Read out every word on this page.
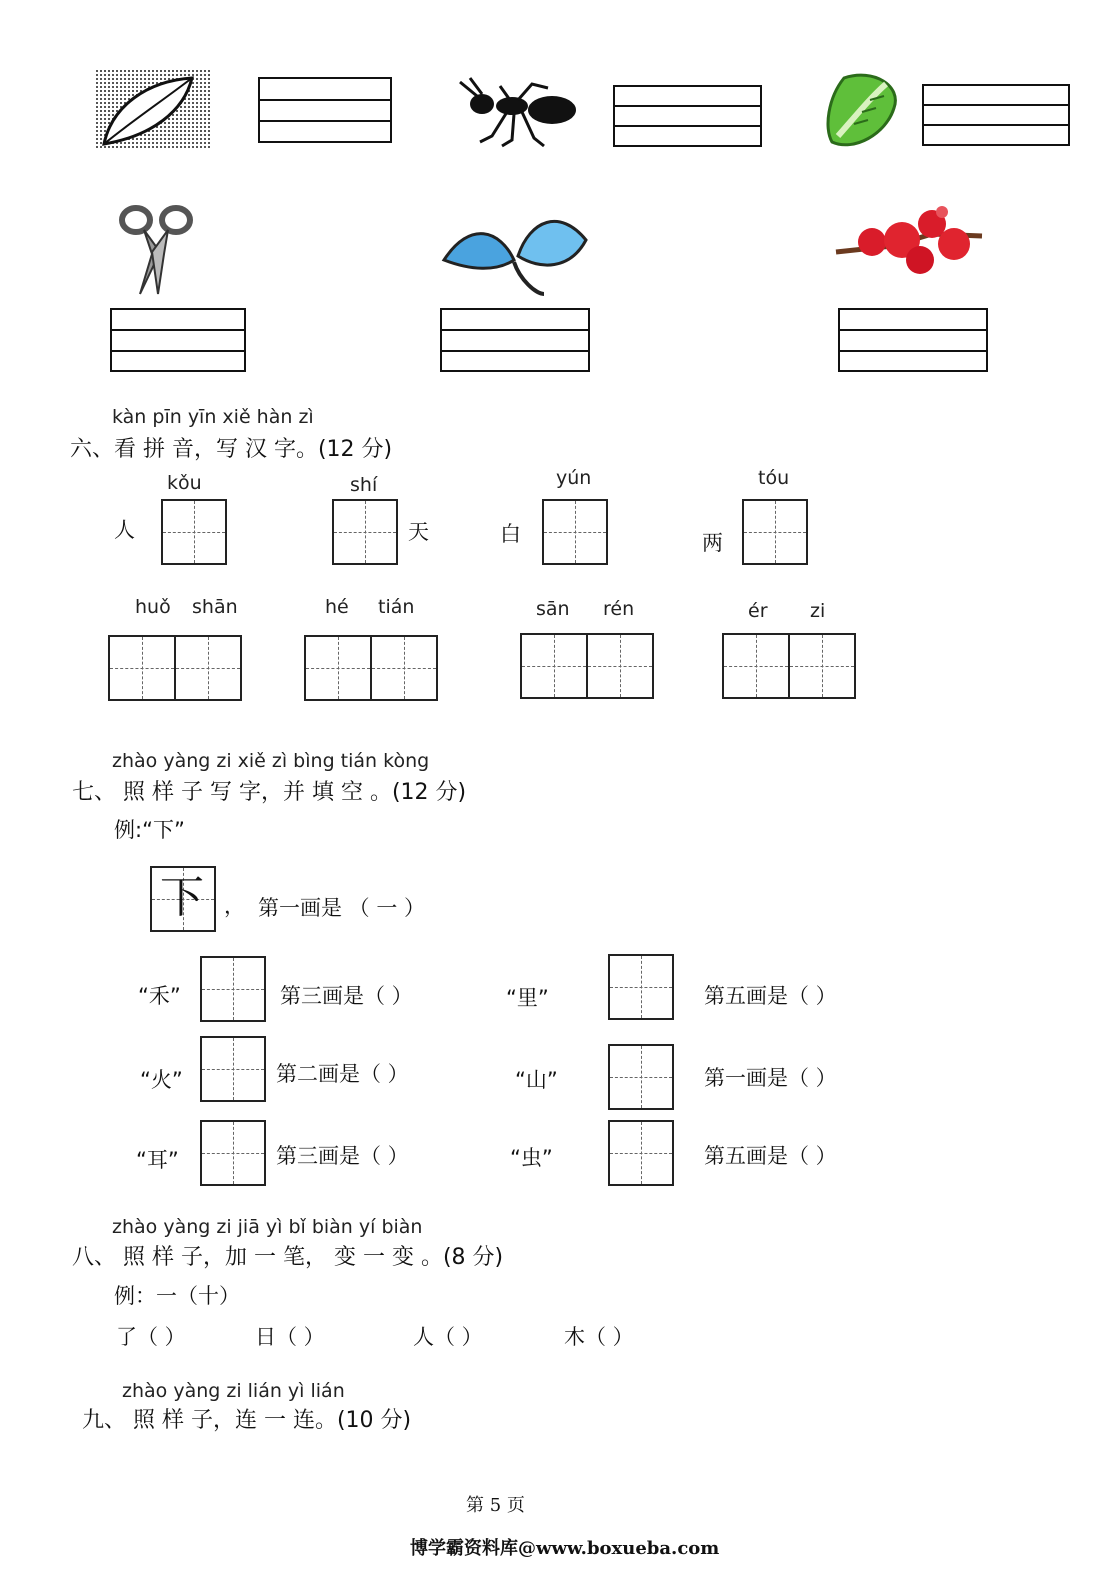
kàn pīn yīn xiě hàn zì
六、看 拼 音，写 汉 字。(12 分)
kǒu
人
shí
天
yún
白
tóu
两
huǒ shān	hé tián	sān rén	ér zi
zhào yàng zi xiě zì bìng tián kòng
七、 照 样 子 写 字，并 填 空 。(12 分)
例:“下”
下 ， 第一画是 （ 一 ）
“禾”	第三画是（ ）	“里”	第五画是（ ）
“火”	第二画是（ ）	“山”	第一画是（ ）
“耳”	第三画是（ ）	“虫”	第五画是（ ）
zhào yàng zi jiā yì bǐ biàn yí biàn
八、 照 样 子，加 一 笔， 变 一 变 。(8 分)
例：一（十）
了（ ）	日（ ）	人（ ）	木（ ）
zhào yàng zi lián yì lián
九、 照 样 子，连 一 连。(10 分)
第 5 页
博学霸资料库@www.boxueba.com
